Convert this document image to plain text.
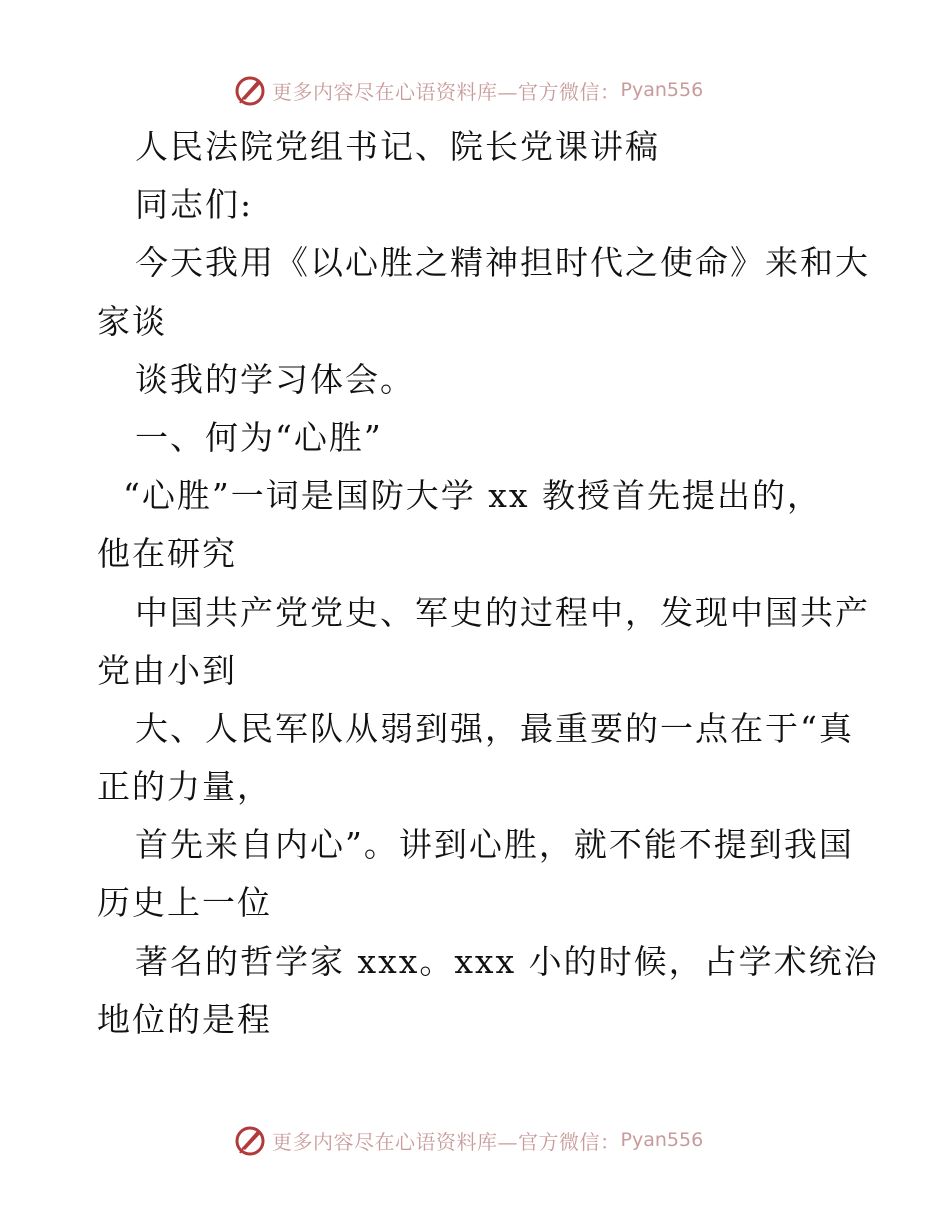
更多内容尽在心语资料库—官方微信： Pyan556
人民法院党组书记、院长党课讲稿
同志们:
今天我用《以心胜之精神担时代之使命》来和大
家谈
谈我的学习体会。
一、何为“心胜”
“心胜”一词是国防大学 xx 教授首先提出的，
他在研究
中国共产党党史、军史的过程中，发现中国共产
党由小到
大、人民军队从弱到强，最重要的一点在于“真
正的力量，
首先来自内心”。讲到心胜，就不能不提到我国
历史上一位
著名的哲学家 xxx。xxx 小的时候，占学术统治
地位的是程
更多内容尽在心语资料库—官方微信： Pyan556
